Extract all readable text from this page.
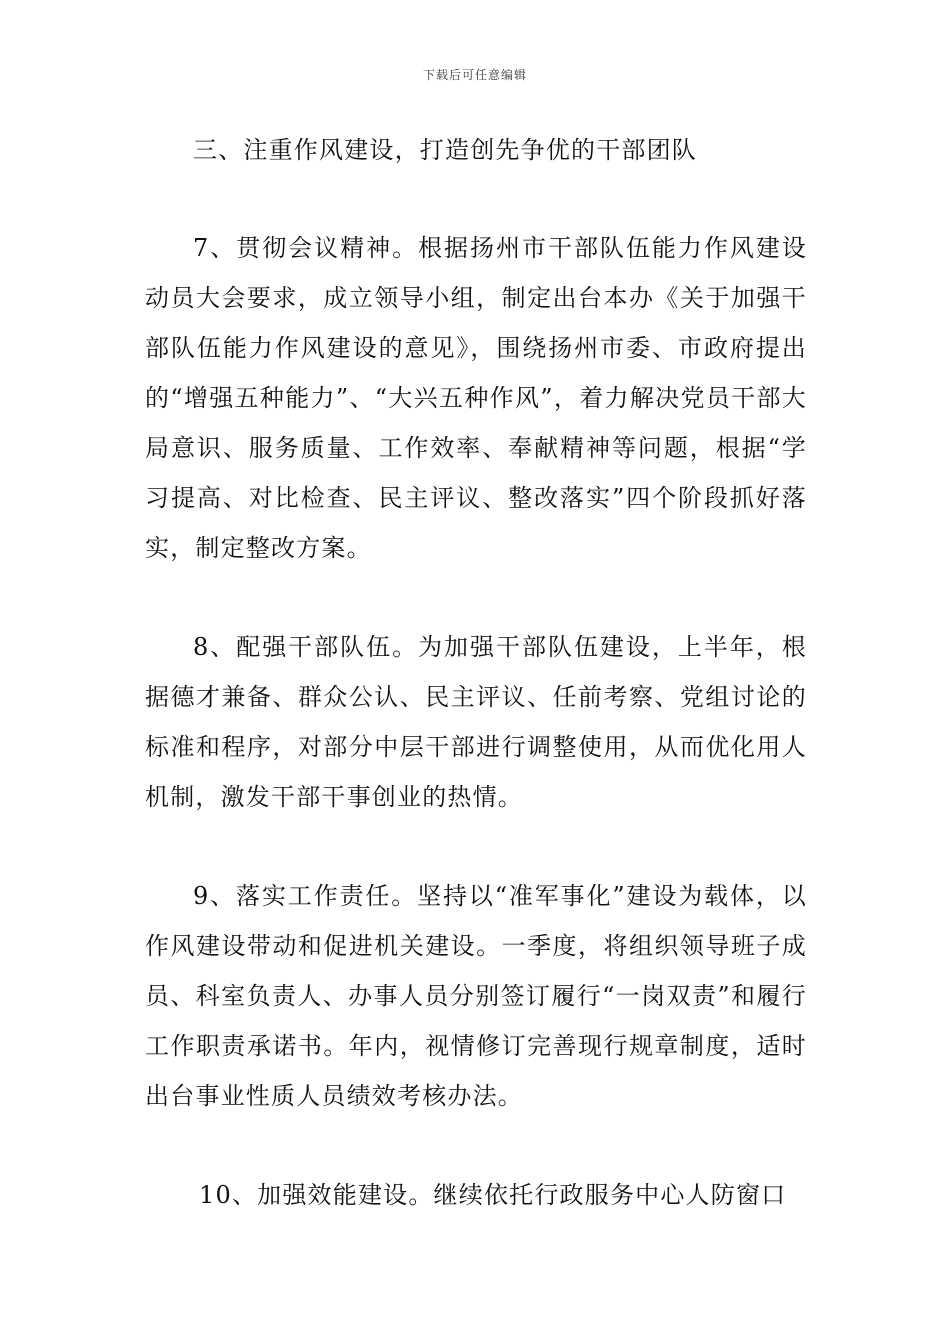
下载后可任意编辑
三、注重作风建设，打造创先争优的干部团队

7、贯彻会议精神。根据扬州市干部队伍能力作风建设动员大会要求，成立领导小组，制定出台本办《关于加强干部队伍能力作风建设的意见》，围绕扬州市委、市政府提出的“增强五种能力”、“大兴五种作风”，着力解决党员干部大局意识、服务质量、工作效率、奉献精神等问题，根据“学习提高、对比检查、民主评议、整改落实”四个阶段抓好落实，制定整改方案。

8、配强干部队伍。为加强干部队伍建设，上半年，根据德才兼备、群众公认、民主评议、任前考察、党组讨论的标准和程序，对部分中层干部进行调整使用，从而优化用人机制，激发干部干事创业的热情。

9、落实工作责任。坚持以“准军事化”建设为载体，以作风建设带动和促进机关建设。一季度，将组织领导班子成员、科室负责人、办事人员分别签订履行“一岗双责”和履行工作职责承诺书。年内，视情修订完善现行规章制度，适时出台事业性质人员绩效考核办法。

10、加强效能建设。继续依托行政服务中心人防窗口
